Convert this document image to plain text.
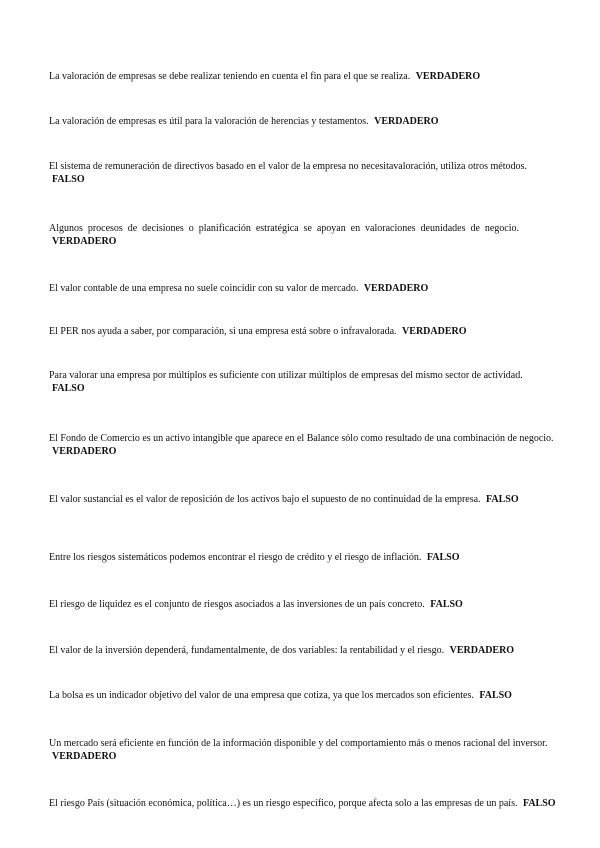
La valoración de empresas se debe realizar teniendo en cuenta el fin para el que se realiza. VERDADERO

La valoración de empresas es útil para la valoración de herencias y testamentos. VERDADERO

El sistema de remuneración de directivos basado en el valor de la empresa no necesitavaloración, utiliza otros métodos. FALSO

Algunos procesos de decisiones o planificación estratégica se apoyan en valoraciones deunidades de negocio. VERDADERO

El valor contable de una empresa no suele coincidir con su valor de mercado. VERDADERO

El PER nos ayuda a saber, por comparación, si una empresa está sobre o infravalorada. VERDADERO

Para valorar una empresa por múltiplos es suficiente con utilizar múltiplos de empresas del mismo sector de actividad. FALSO

El Fondo de Comercio es un activo intangible que aparece en el Balance sólo como resultado de una combinación de negocio. VERDADERO

El valor sustancial es el valor de reposición de los activos bajo el supuesto de no continuidad de la empresa. FALSO

Entre los riesgos sistemáticos podemos encontrar el riesgo de crédito y el riesgo de inflación. FALSO

El riesgo de liquidez es el conjunto de riesgos asociados a las inversiones de un país concreto. FALSO

El valor de la inversión dependerá, fundamentalmente, de dos variables: la rentabilidad y el riesgo. VERDADERO

La bolsa es un indicador objetivo del valor de una empresa que cotiza, ya que los mercados son eficientes. FALSO

Un mercado será eficiente en función de la información disponible y del comportamiento más o menos racional del inversor. VERDADERO

El riesgo País (situación económica, política…) es un riesgo específico, porque afecta solo a las empresas de un país. FALSO
